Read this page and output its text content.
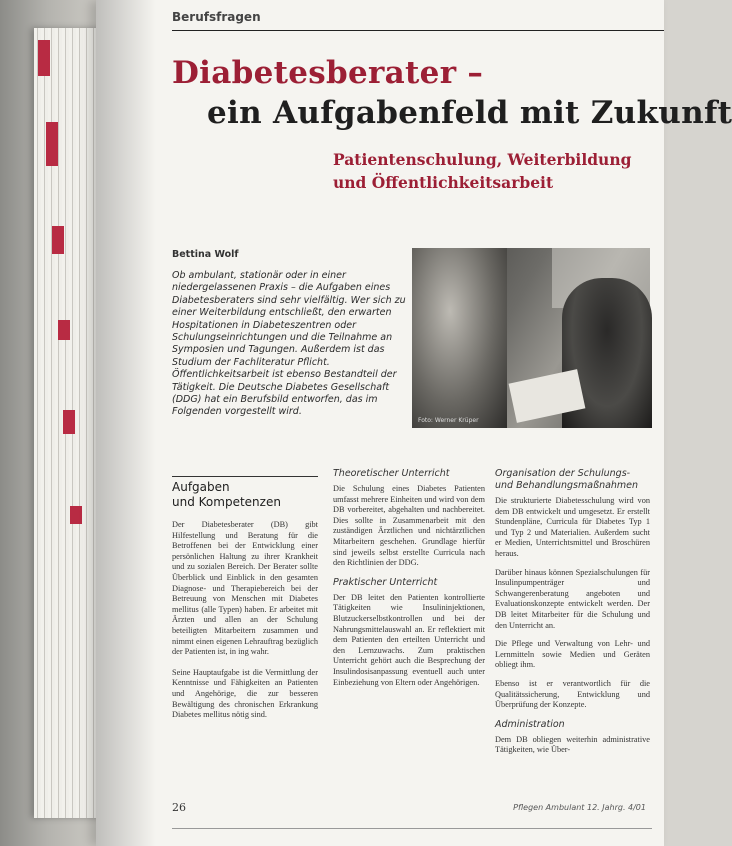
Berufsfragen
Diabetesberater –
ein Aufgabenfeld mit Zukunft
Patientenschulung, Weiterbildung
und Öffentlichkeitsarbeit
Bettina Wolf

Ob ambulant, stationär oder in einer niedergelassenen Praxis – die Aufgaben eines Diabetesberaters sind sehr vielfältig. Wer sich zu einer Weiterbildung entschließt, den erwarten Hospitationen in Diabeteszentren oder Schulungseinrichtungen und die Teilnahme an Symposien und Tagungen. Außerdem ist das Studium der Fachliteratur Pflicht. Öffentlichkeitsarbeit ist ebenso Bestandteil der Tätigkeit. Die Deutsche Diabetes Gesellschaft (DDG) hat ein Berufsbild entworfen, das im Folgenden vorgestellt wird.

Foto: Werner Krüper
Aufgaben
und Kompetenzen

Der Diabetesberater (DB) gibt Hilfestellung und Beratung für die Betroffenen bei der Entwicklung einer persönlichen Haltung zu ihrer Krankheit und zu sozialen Bereich. Der Berater sollte Überblick und Einblick in den gesamten Diagnose- und Therapiebereich bei der Betreuung von Menschen mit Diabetes mellitus (alle Typen) haben. Er arbeitet mit Ärzten und allen an der Schulung beteiligten Mitarbeitern zusammen und nimmt einen eigenen Lehrauftrag bezüglich der Patienten ist, in ing wahr.

Seine Hauptaufgabe ist die Vermittlung der Kenntnisse und Fähigkeiten an Patienten und Angehörige, die zur besseren Bewältigung des chronischen Erkrankung Diabetes mellitus nötig sind.

Theoretischer Unterricht

Die Schulung eines Diabetes Patienten umfasst mehrere Einheiten und wird von dem DB vorbereitet, abgehalten und nachbereitet. Dies sollte in Zusammenarbeit mit den zuständigen Ärztlichen und nichtärztlichen Mitarbeitern geschehen. Grundlage hierfür sind jeweils selbst erstellte Curricula nach den Richtlinien der DDG.

Praktischer Unterricht

Der DB leitet den Patienten kontrollierte Tätigkeiten wie Insulininjektionen, Blutzuckerselbstkontrollen und bei der Nahrungsmittelauswahl an. Er reflektiert mit dem Patienten den erteilten Unterricht und den Lernzuwachs. Zum praktischen Unterricht gehört auch die Besprechung der Insulindosisanpassung eventuell auch unter Einbeziehung von Eltern oder Angehörigen.

Organisation der Schulungs- und Behandlungsmaßnahmen

Die strukturierte Diabetesschulung wird von dem DB entwickelt und umgesetzt. Er erstellt Stundenpläne, Curricula für Diabetes Typ 1 und Typ 2 und Materialien. Außerdem sucht er Medien, Unterrichtsmittel und Broschüren heraus.

Darüber hinaus können Spezialschulungen für Insulinpumpenträger und Schwangerenberatung angeboten und Evaluationskonzepte entwickelt werden. Der DB leitet Mitarbeiter für die Schulung und den Unterricht an.

Die Pflege und Verwaltung von Lehr- und Lernmitteln sowie Medien und Geräten obliegt ihm.

Ebenso ist er verantwortlich für die Qualitätssicherung, Entwicklung und Überprüfung der Konzepte.

Administration

Dem DB obliegen weiterhin administrative Tätigkeiten, wie Über-

26	Pflegen Ambulant 12. Jahrg. 4/01
